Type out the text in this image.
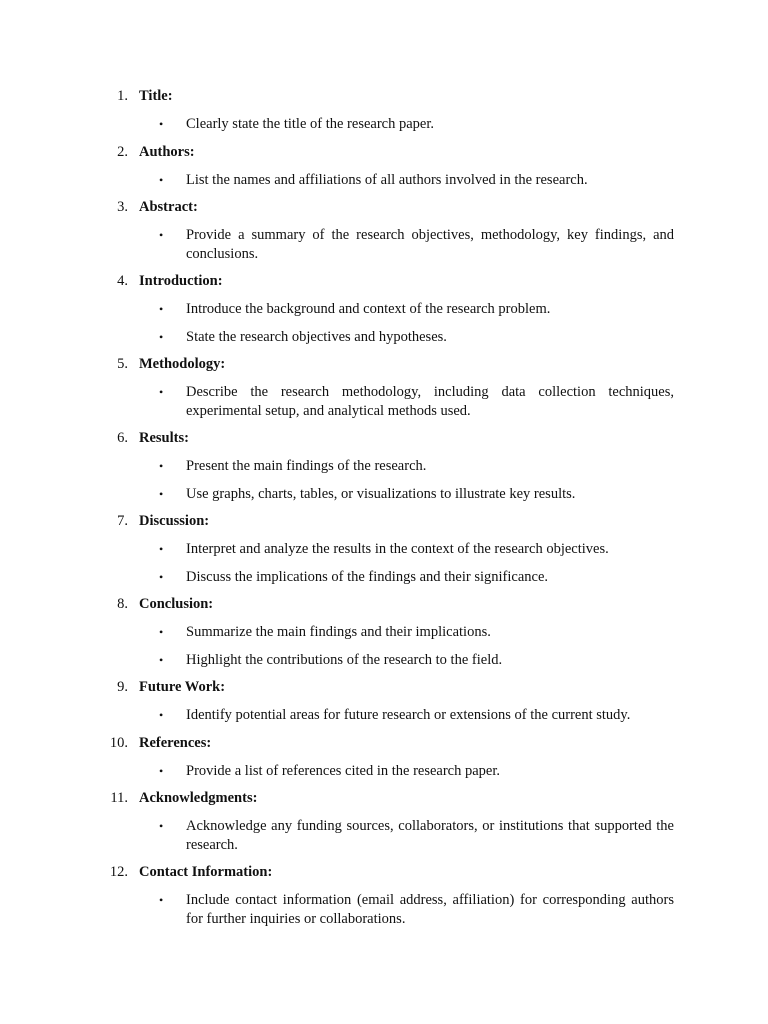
1. Title:
• Clearly state the title of the research paper.
2. Authors:
• List the names and affiliations of all authors involved in the research.
3. Abstract:
• Provide a summary of the research objectives, methodology, key findings, and conclusions.
4. Introduction:
• Introduce the background and context of the research problem.
• State the research objectives and hypotheses.
5. Methodology:
• Describe the research methodology, including data collection techniques, experimental setup, and analytical methods used.
6. Results:
• Present the main findings of the research.
• Use graphs, charts, tables, or visualizations to illustrate key results.
7. Discussion:
• Interpret and analyze the results in the context of the research objectives.
• Discuss the implications of the findings and their significance.
8. Conclusion:
• Summarize the main findings and their implications.
• Highlight the contributions of the research to the field.
9. Future Work:
• Identify potential areas for future research or extensions of the current study.
10. References:
• Provide a list of references cited in the research paper.
11. Acknowledgments:
• Acknowledge any funding sources, collaborators, or institutions that supported the research.
12. Contact Information:
• Include contact information (email address, affiliation) for corresponding authors for further inquiries or collaborations.
